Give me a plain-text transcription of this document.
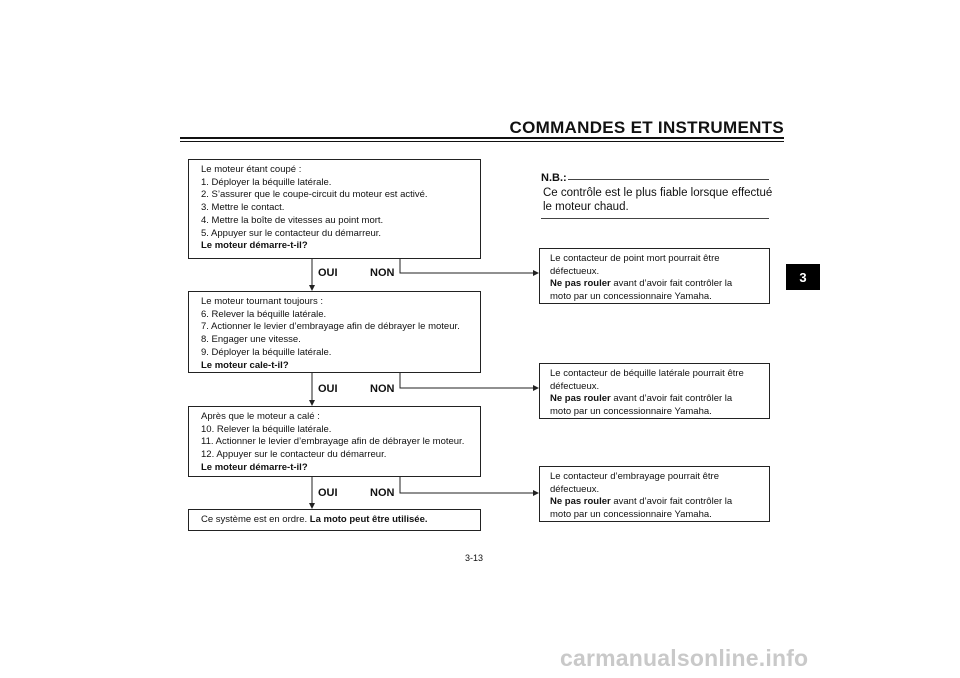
COMMANDES ET INSTRUMENTS
3
Le moteur étant coupé :
1. Déployer la béquille latérale.
2. S’assurer que le coupe-circuit du moteur est activé.
3. Mettre le contact.
4. Mettre la boîte de vitesses au point mort.
5. Appuyer sur le contacteur du démarreur.
Le moteur démarre-t-il?
OUI	NON
Le moteur tournant toujours :
6. Relever la béquille latérale.
7. Actionner le levier d’embrayage afin de débrayer le moteur.
8. Engager une vitesse.
9. Déployer la béquille latérale.
Le moteur cale-t-il?
OUI	NON
Après que le moteur a calé :
10. Relever la béquille latérale.
11. Actionner le levier d’embrayage afin de débrayer le moteur.
12. Appuyer sur le contacteur du démarreur.
Le moteur démarre-t-il?
OUI	NON
Ce système est en ordre. La moto peut être utilisée.
N.B.:
Ce contrôle est le plus fiable lorsque effectué le moteur chaud.
Le contacteur de point mort pourrait être
défectueux.
Ne pas rouler avant d’avoir fait contrôler la
moto par un concessionnaire Yamaha.
Le contacteur de béquille latérale pourrait être
défectueux.
Ne pas rouler avant d’avoir fait contrôler la
moto par un concessionnaire Yamaha.
Le contacteur d’embrayage pourrait être
défectueux.
Ne pas rouler avant d’avoir fait contrôler la
moto par un concessionnaire Yamaha.
3-13
carmanualsonline.info
